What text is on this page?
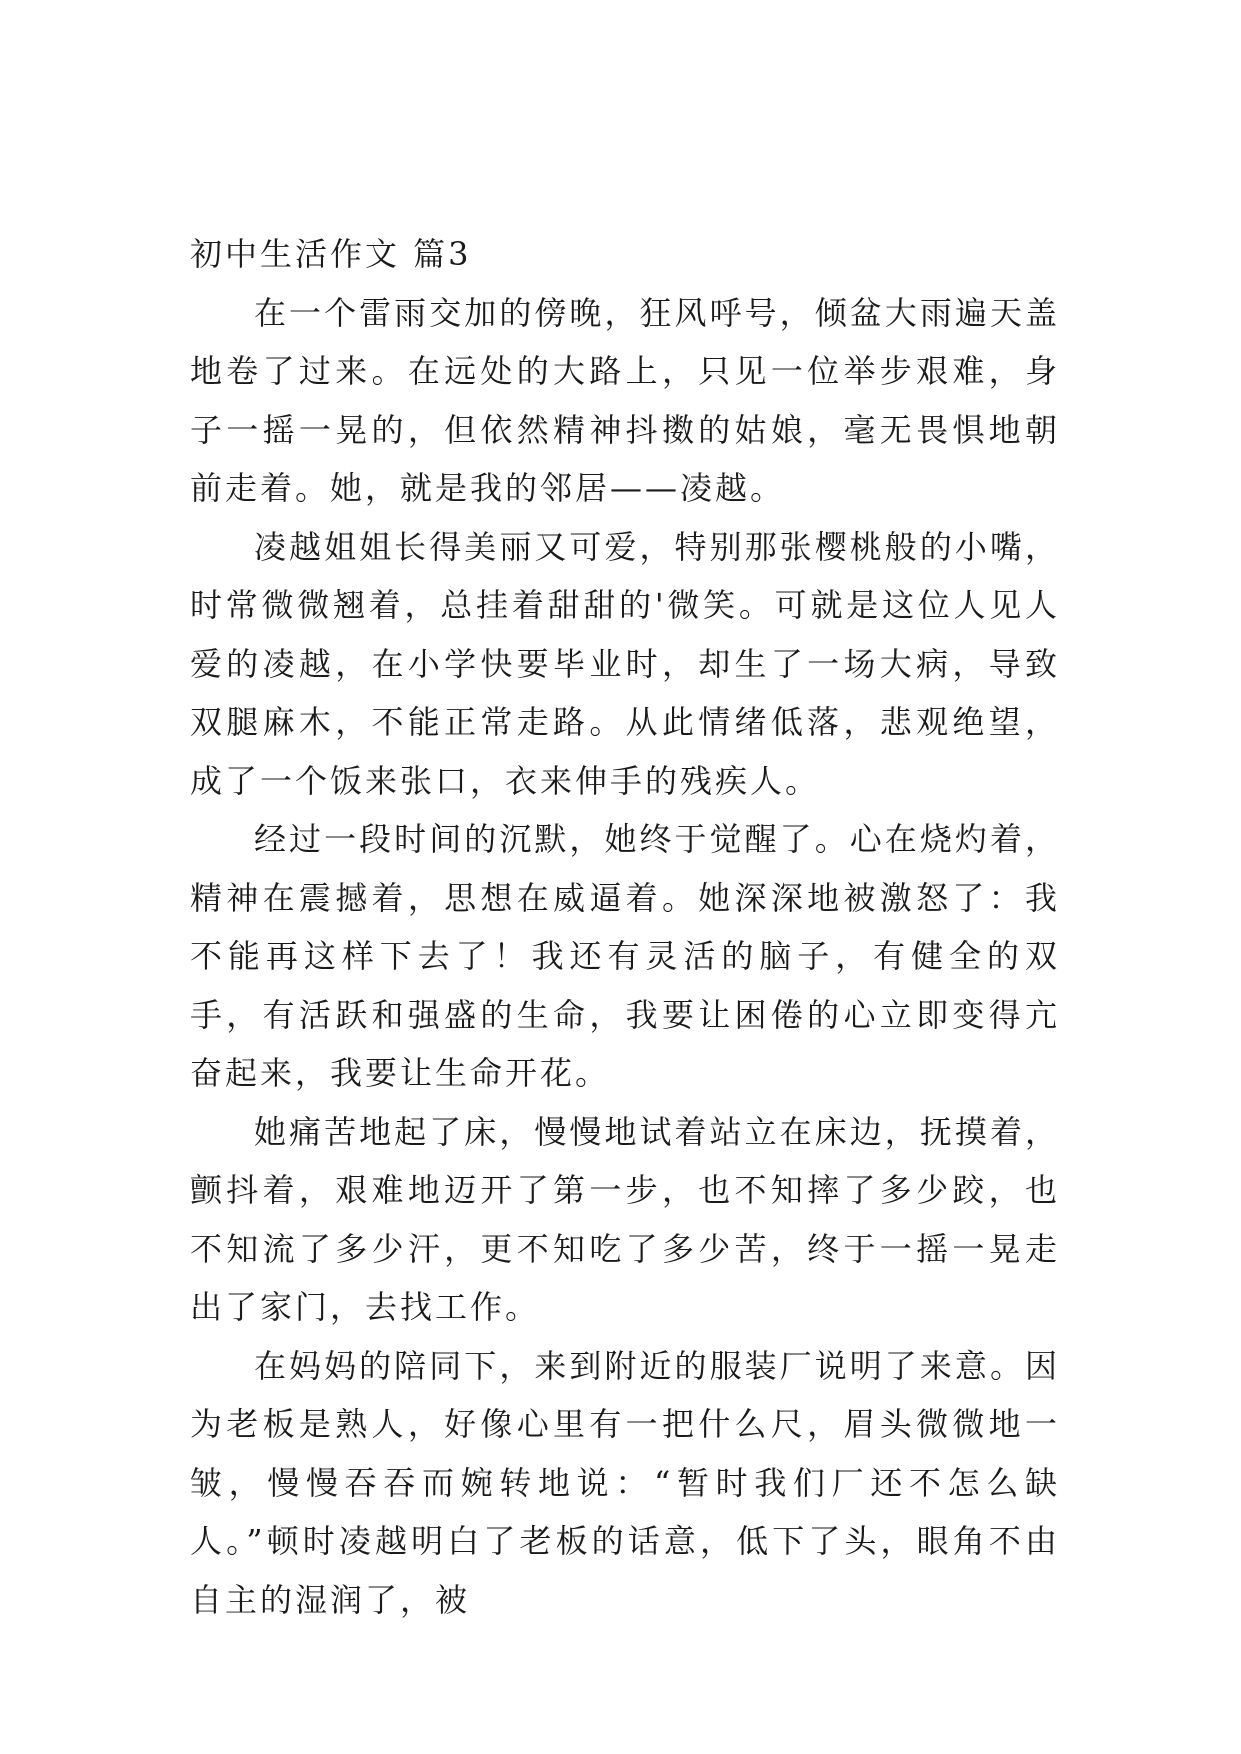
初中生活作文 篇3

在一个雷雨交加的傍晚，狂风呼号，倾盆大雨遍天盖地卷了过来。在远处的大路上，只见一位举步艰难，身子一摇一晃的，但依然精神抖擞的姑娘，毫无畏惧地朝前走着。她，就是我的邻居——凌越。

凌越姐姐长得美丽又可爱，特别那张樱桃般的小嘴，时常微微翘着，总挂着甜甜的'微笑。可就是这位人见人爱的凌越，在小学快要毕业时，却生了一场大病，导致双腿麻木，不能正常走路。从此情绪低落，悲观绝望，成了一个饭来张口，衣来伸手的残疾人。

经过一段时间的沉默，她终于觉醒了。心在烧灼着，精神在震撼着，思想在威逼着。她深深地被激怒了：我不能再这样下去了！我还有灵活的脑子，有健全的双手，有活跃和强盛的生命，我要让困倦的心立即变得亢奋起来，我要让生命开花。

她痛苦地起了床，慢慢地试着站立在床边，抚摸着，颤抖着，艰难地迈开了第一步，也不知摔了多少跤，也不知流了多少汗，更不知吃了多少苦，终于一摇一晃走出了家门，去找工作。

在妈妈的陪同下，来到附近的服装厂说明了来意。因为老板是熟人，好像心里有一把什么尺，眉头微微地一皱，慢慢吞吞而婉转地说：“暂时我们厂还不怎么缺人。”顿时凌越明白了老板的话意，低下了头，眼角不由自主的湿润了，被
